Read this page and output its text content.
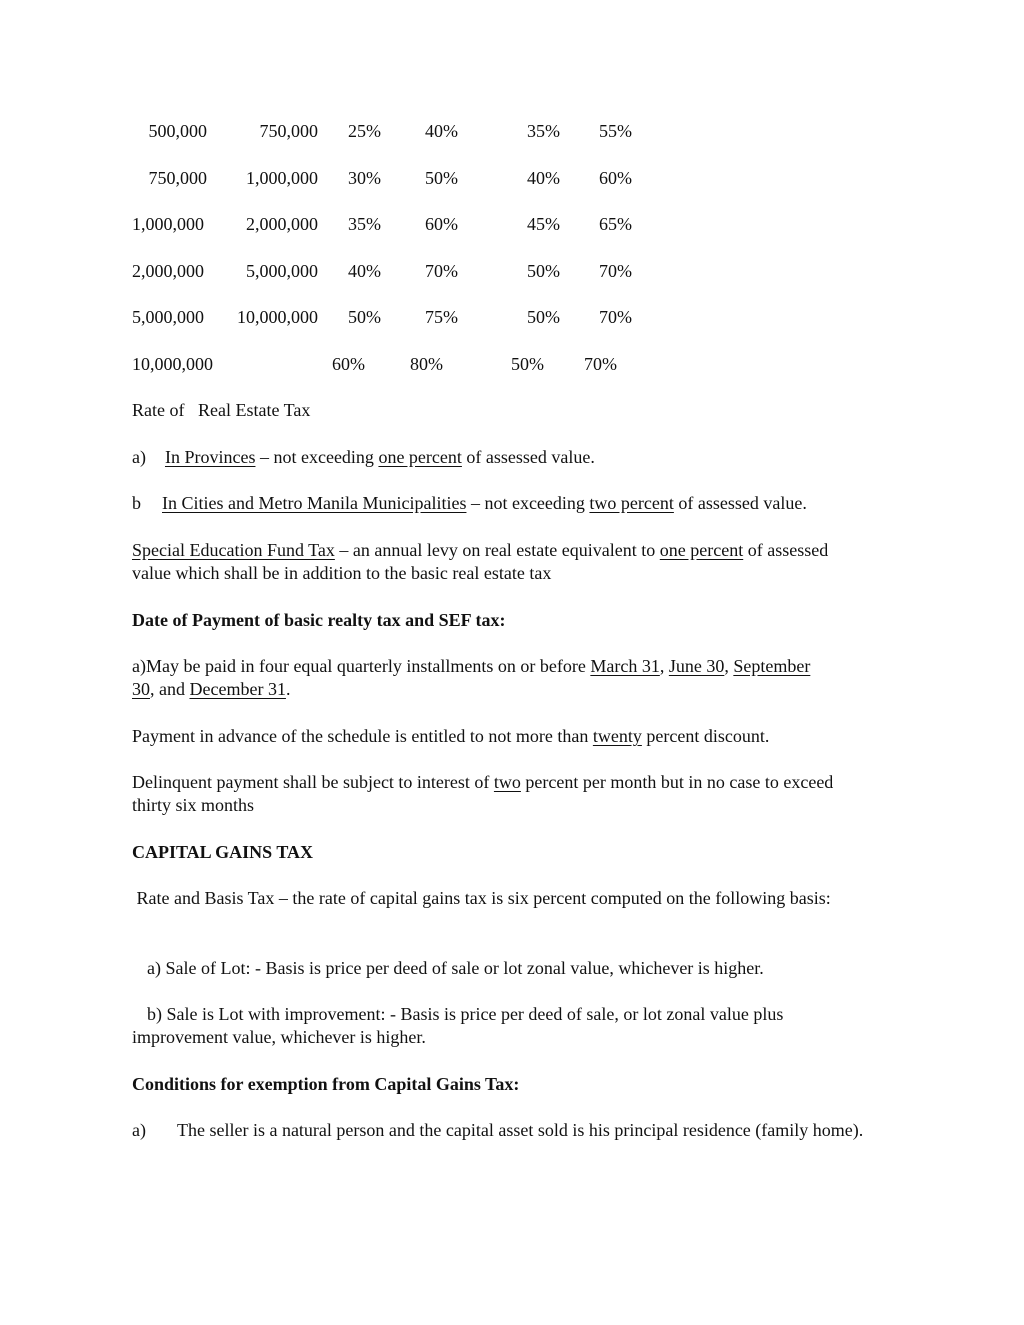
500,000	750,000 25% 40%	35% 55%
750,000 1,000,000 30% 50%	40% 60%
1,000,000 2,000,000 35% 60%	45% 65%
2,000,000 5,000,000 40% 70%	50% 70%
5,000,000 10,000,000 50% 75%	50% 70%
10,000,000	60%	80%	50% 70%
Rate of   Real Estate Tax
a) In Provinces – not exceeding one percent of assessed value.
b In Cities and Metro Manila Municipalities – not exceeding two percent of assessed value.
Special Education Fund Tax – an annual levy on real estate equivalent to one percent of assessed value which shall be in addition to the basic real estate tax
Date of Payment of basic realty tax and SEF tax:
a)May be paid in four equal quarterly installments on or before March 31, June 30, September 30, and December 31.
Payment in advance of the schedule is entitled to not more than twenty percent discount.
Delinquent payment shall be subject to interest of two percent per month but in no case to exceed thirty six months
CAPITAL GAINS TAX
Rate and Basis Tax – the rate of capital gains tax is six percent computed on the following basis:
a) Sale of Lot: - Basis is price per deed of sale or lot zonal value, whichever is higher.
b) Sale is Lot with improvement: - Basis is price per deed of sale, or lot zonal value plus improvement value, whichever is higher.
Conditions for exemption from Capital Gains Tax:
a) The seller is a natural person and the capital asset sold is his principal residence (family home).
